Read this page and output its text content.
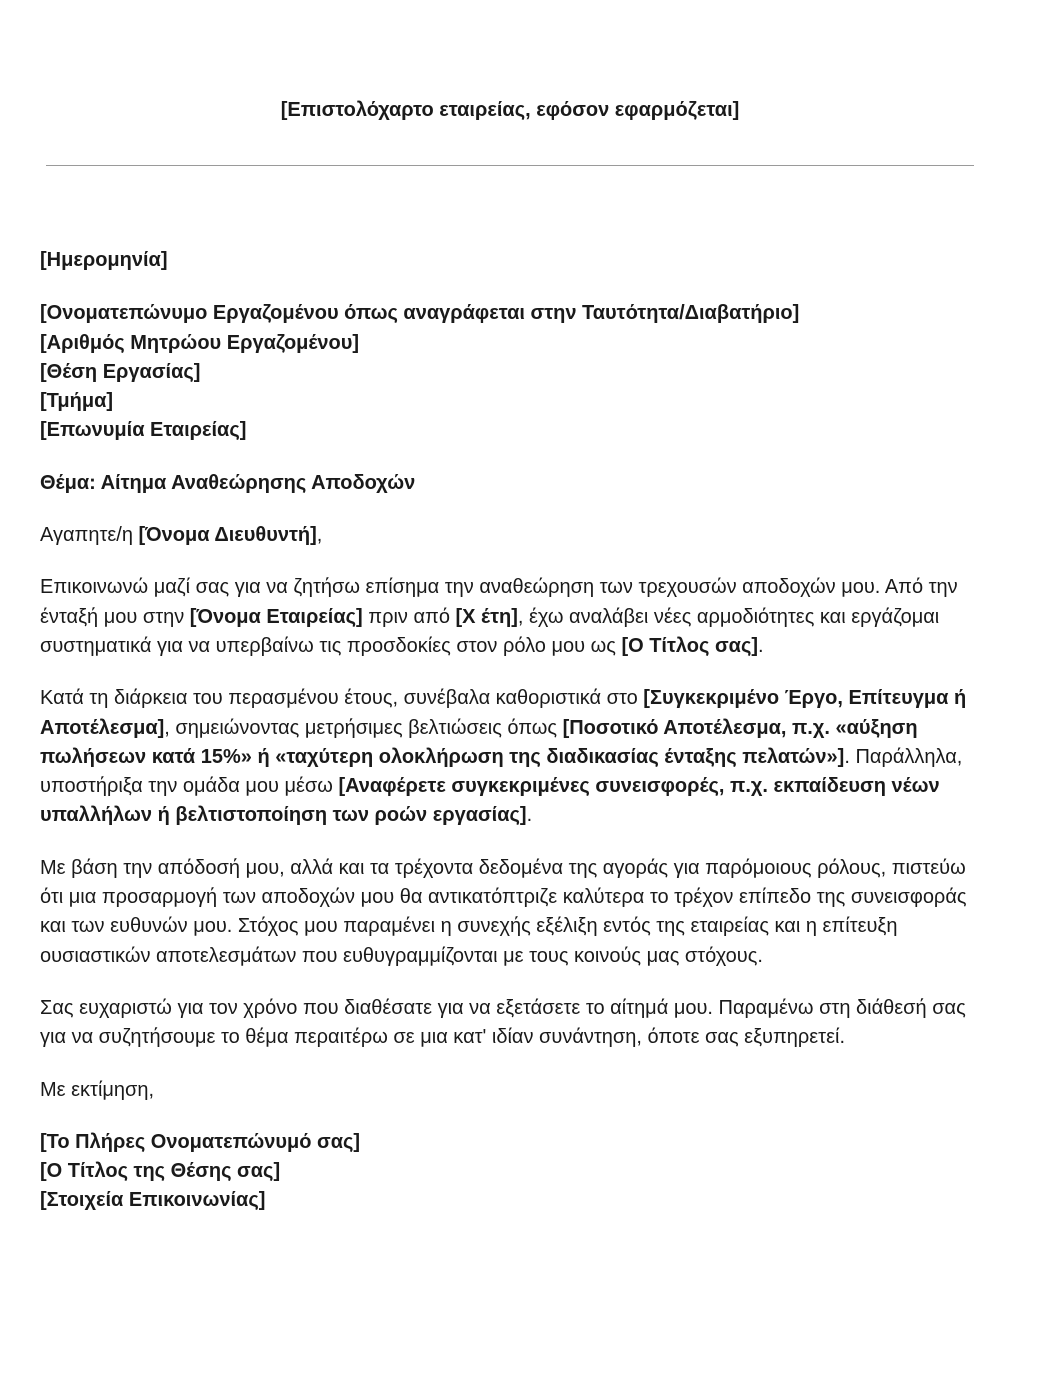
[Επιστολόχαρτο εταιρείας, εφόσον εφαρμόζεται]
[Ημερομηνία]
[Ονοματεπώνυμο Εργαζομένου όπως αναγράφεται στην Ταυτότητα/Διαβατήριο]
[Αριθμός Μητρώου Εργαζομένου]
[Θέση Εργασίας]
[Τμήμα]
[Επωνυμία Εταιρείας]
Θέμα: Αίτημα Αναθεώρησης Αποδοχών
Αγαπητε/η [Όνομα Διευθυντή],
Επικοινωνώ μαζί σας για να ζητήσω επίσημα την αναθεώρηση των τρεχουσών αποδοχών μου. Από την ένταξή μου στην [Όνομα Εταιρείας] πριν από [Χ έτη], έχω αναλάβει νέες αρμοδιότητες και εργάζομαι συστηματικά για να υπερβαίνω τις προσδοκίες στον ρόλο μου ως [Ο Τίτλος σας].
Κατά τη διάρκεια του περασμένου έτους, συνέβαλα καθοριστικά στο [Συγκεκριμένο Έργο, Επίτευγμα ή Αποτέλεσμα], σημειώνοντας μετρήσιμες βελτιώσεις όπως [Ποσοτικό Αποτέλεσμα, π.χ. «αύξηση πωλήσεων κατά 15%» ή «ταχύτερη ολοκλήρωση της διαδικασίας ένταξης πελατών»]. Παράλληλα, υποστήριξα την ομάδα μου μέσω [Αναφέρετε συγκεκριμένες συνεισφορές, π.χ. εκπαίδευση νέων υπαλλήλων ή βελτιστοποίηση των ροών εργασίας].
Με βάση την απόδοσή μου, αλλά και τα τρέχοντα δεδομένα της αγοράς για παρόμοιους ρόλους, πιστεύω ότι μια προσαρμογή των αποδοχών μου θα αντικατόπτριζε καλύτερα το τρέχον επίπεδο της συνεισφοράς και των ευθυνών μου. Στόχος μου παραμένει η συνεχής εξέλιξη εντός της εταιρείας και η επίτευξη ουσιαστικών αποτελεσμάτων που ευθυγραμμίζονται με τους κοινούς μας στόχους.
Σας ευχαριστώ για τον χρόνο που διαθέσατε για να εξετάσετε το αίτημά μου. Παραμένω στη διάθεσή σας για να συζητήσουμε το θέμα περαιτέρω σε μια κατ' ιδίαν συνάντηση, όποτε σας εξυπηρετεί.
Με εκτίμηση,
[Το Πλήρες Ονοματεπώνυμό σας]
[Ο Τίτλος της Θέσης σας]
[Στοιχεία Επικοινωνίας]
